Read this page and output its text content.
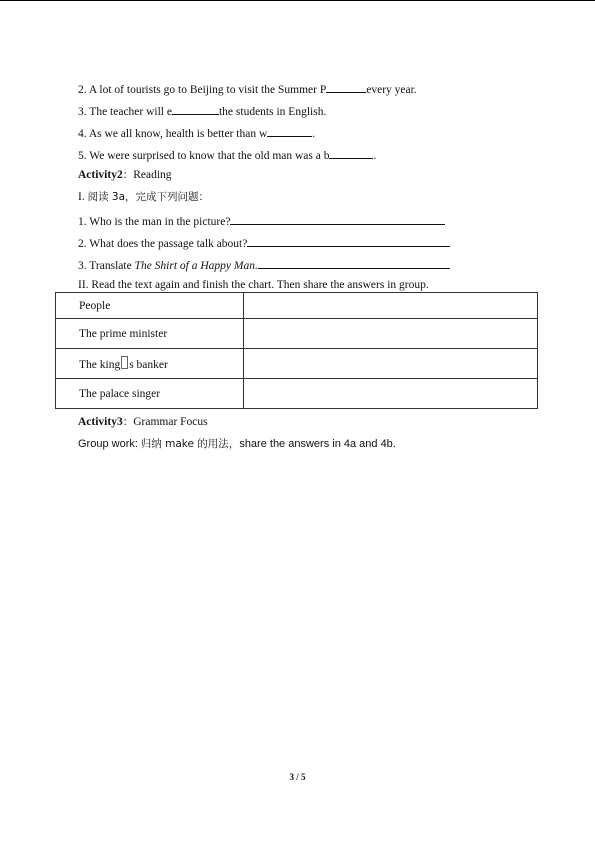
2. A lot of tourists go to Beijing to visit the Summer P	every year.
3. The teacher will e	the students in English.
4. As we all know, health is better than w	.
5. We were surprised to know that the old man was a b	.
Activity2：Reading
I. 阅读 3a，完成下列问题：
1. Who is the man in the picture?
2. What does the passage talk about?
3. Translate The Shirt of a Happy Man.
II. Read the text again and finish the chart. Then share the answers in group.
People	
The prime minister	
The king s banker	
The palace singer	
Activity3：Grammar Focus
Group work: 归纳 make 的用法，share the answers in 4a and 4b.
3 / 5
